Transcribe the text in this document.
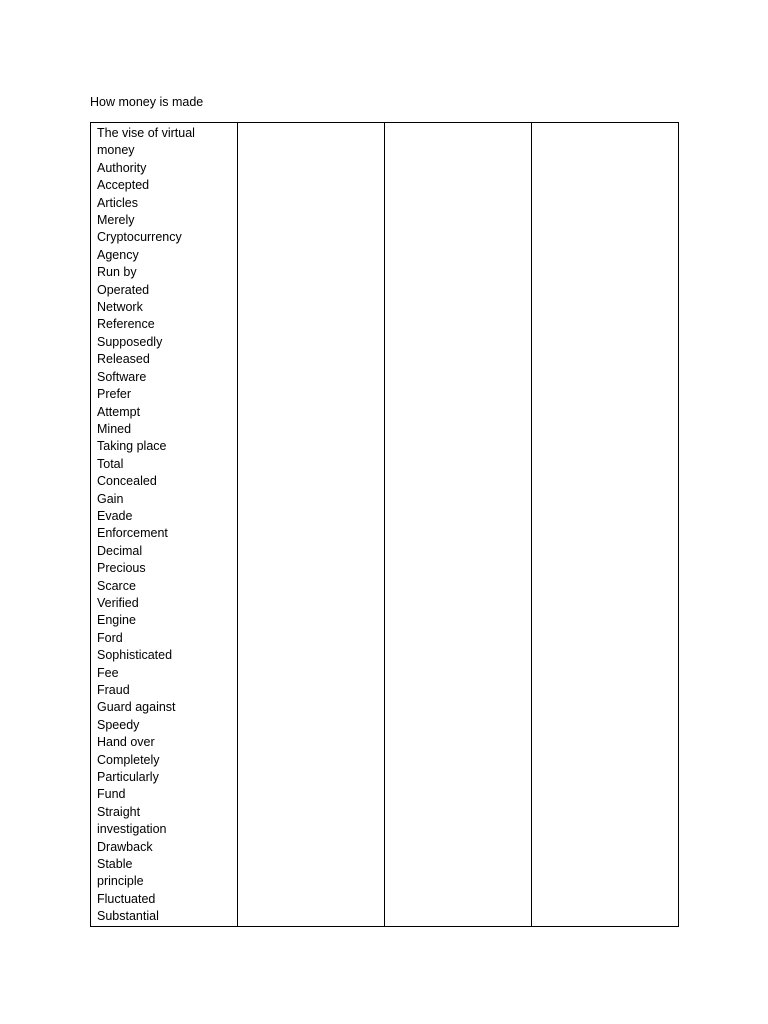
How money is made
The vise of virtual
money
Authority
Accepted
Articles
Merely
Cryptocurrency
Agency
Run by
Operated
Network
Reference
Supposedly
Released
Software
Prefer
Attempt
Mined
Taking place
Total
Concealed
Gain
Evade
Enforcement
Decimal
Precious
Scarce
Verified
Engine
Ford
Sophisticated
Fee
Fraud
Guard against
Speedy
Hand over
Completely
Particularly
Fund
Straight
investigation
Drawback
Stable
principle
Fluctuated
Substantial
